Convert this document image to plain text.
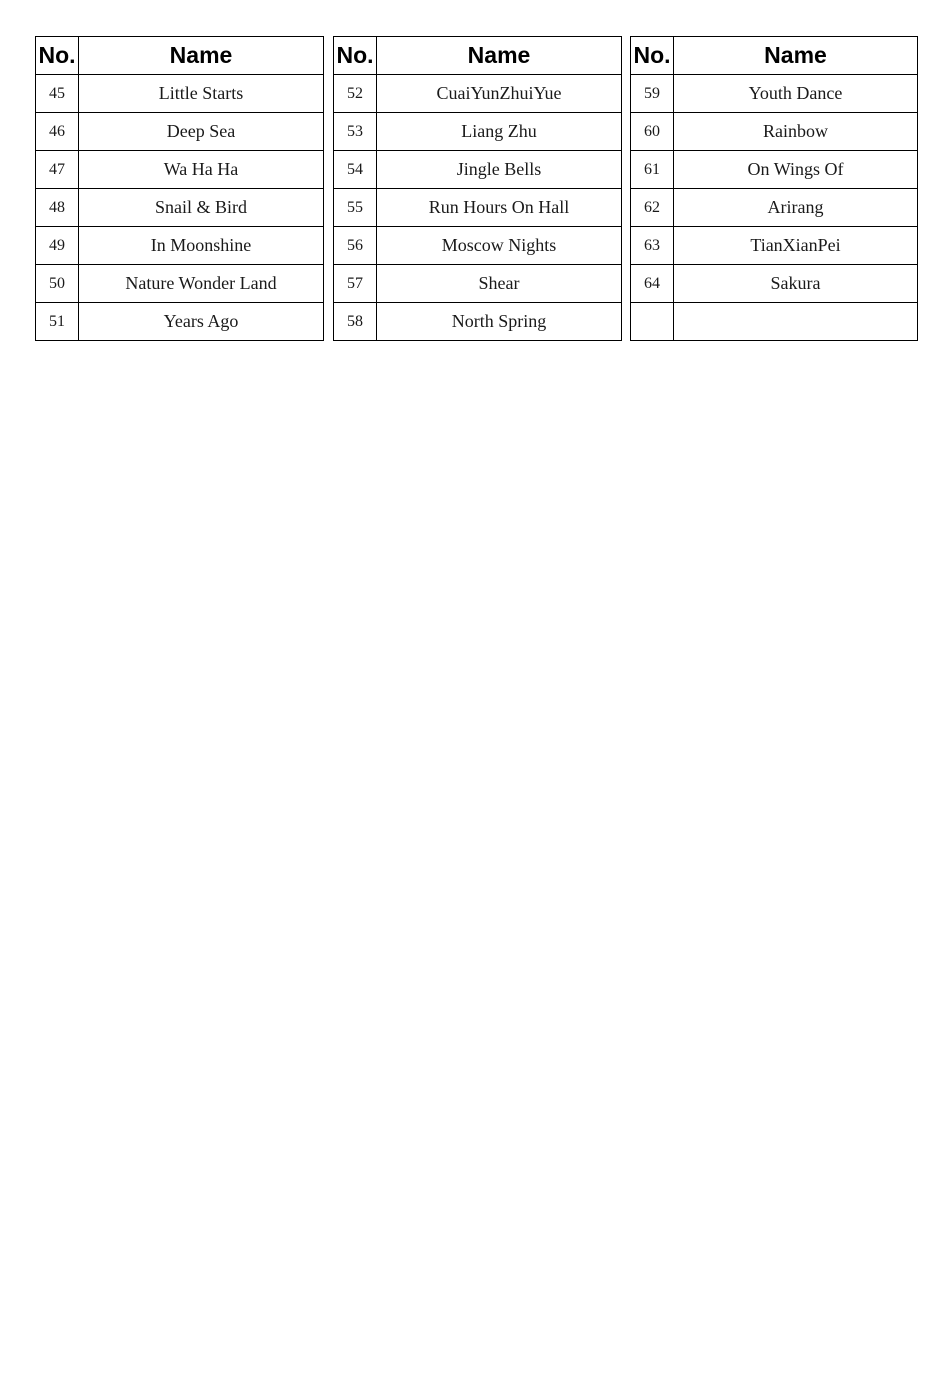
No.	Name
45	Little Starts
46	Deep Sea
47	Wa Ha Ha
48	Snail & Bird
49	In Moonshine
50	Nature Wonder Land
51	Years Ago
No.	Name
52	CuaiYunZhuiYue
53	Liang Zhu
54	Jingle Bells
55	Run Hours On Hall
56	Moscow Nights
57	Shear
58	North Spring
No.	Name
59	Youth Dance
60	Rainbow
61	On Wings Of
62	Arirang
63	TianXianPei
64	Sakura
